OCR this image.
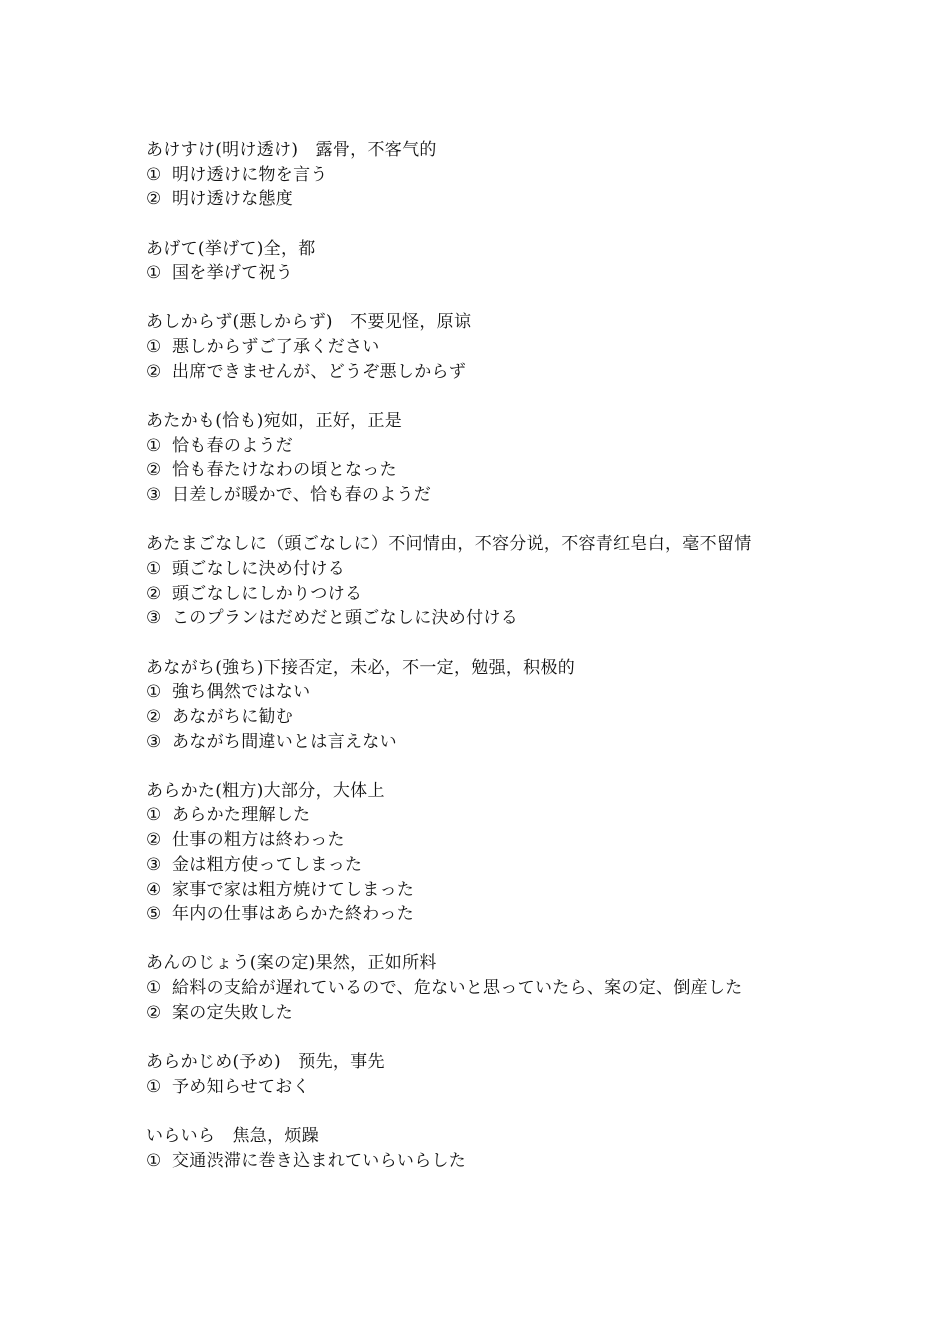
あけすけ(明け透け)　露骨，不客气的
① 明け透けに物を言う
② 明け透けな態度
あげて(挙げて)全，都
① 国を挙げて祝う
あしからず(悪しからず)　不要见怪，原谅
① 悪しからずご了承ください
② 出席できませんが、どうぞ悪しからず
あたかも(恰も)宛如，正好，正是
① 恰も春のようだ
② 恰も春たけなわの頃となった
③ 日差しが暖かで、恰も春のようだ
あたまごなしに（頭ごなしに）不问情由，不容分说，不容青红皂白，毫不留情
① 頭ごなしに決め付ける
② 頭ごなしにしかりつける
③ このプランはだめだと頭ごなしに決め付ける
あながち(強ち)下接否定，未必，不一定，勉强，积极的
① 強ち偶然ではない
② あながちに勧む
③ あながち間違いとは言えない
あらかた(粗方)大部分，大体上
① あらかた理解した
② 仕事の粗方は終わった
③ 金は粗方使ってしまった
④ 家事で家は粗方焼けてしまった
⑤ 年内の仕事はあらかた終わった
あんのじょう(案の定)果然，正如所料
① 給料の支給が遅れているので、危ないと思っていたら、案の定、倒産した
② 案の定失敗した
あらかじめ(予め)　预先，事先
① 予め知らせておく
いらいら　焦急，烦躁
① 交通渋滞に巻き込まれていらいらした
